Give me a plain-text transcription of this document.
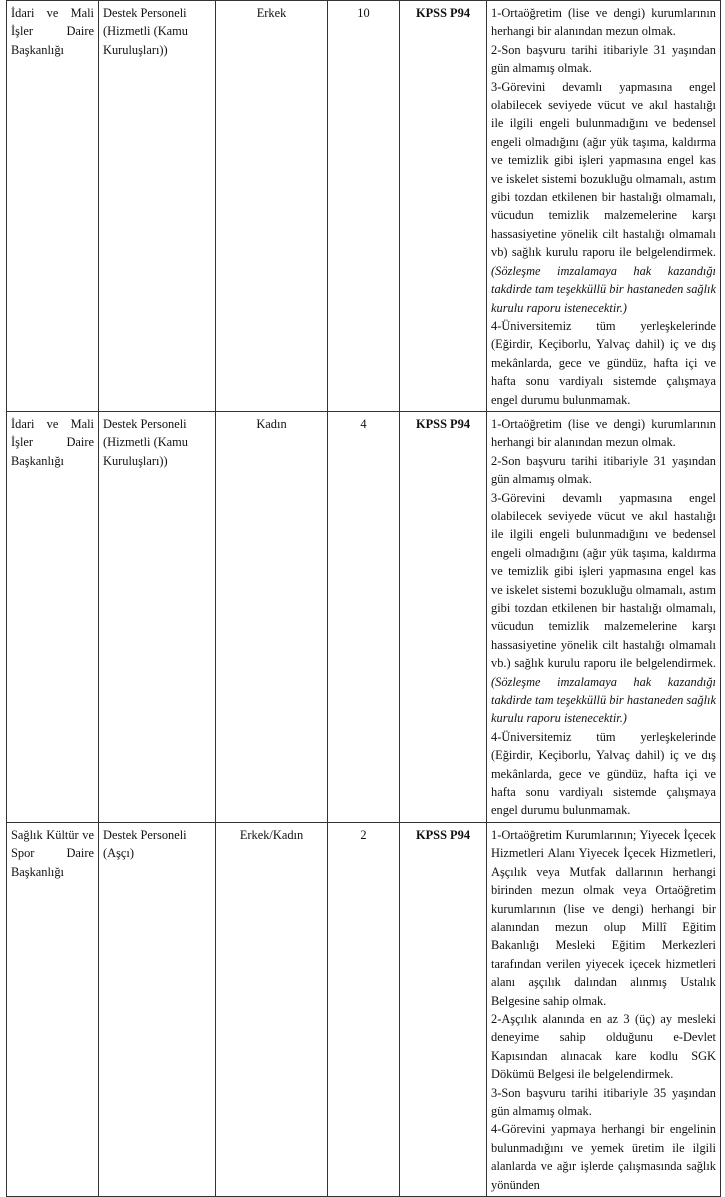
İdari ve Mali İşler Daire Başkanlığı	Destek Personeli (Hizmetli (Kamu Kuruluşları))	Erkek	10	KPSS P94	1-Ortaöğretim (lise ve dengi) kurumlarının herhangi bir alanından mezun olmak.

2-Son başvuru tarihi itibariyle 31 yaşından gün almamış olmak.

3-Görevini devamlı yapmasına engel olabilecek seviyede vücut ve akıl hastalığı ile ilgili engeli bulunmadığını ve bedensel engeli olmadığını (ağır yük taşıma, kaldırma ve temizlik gibi işleri yapmasına engel kas ve iskelet sistemi bozukluğu olmamalı, astım gibi tozdan etkilenen bir hastalığı olmamalı, vücudun temizlik malzemelerine karşı hassasiyetine yönelik cilt hastalığı olmamalı vb) sağlık kurulu raporu ile belgelendirmek. (Sözleşme imzalamaya hak kazandığı takdirde tam teşekküllü bir hastaneden sağlık kurulu raporu istenecektir.)

4-Üniversitemiz tüm yerleşkelerinde (Eğirdir, Keçiborlu, Yalvaç dahil) iç ve dış mekânlarda, gece ve gündüz, hafta içi ve hafta sonu vardiyalı sistemde çalışmaya engel durumu bulunmamak.

İdari ve Mali İşler Daire Başkanlığı	Destek Personeli (Hizmetli (Kamu Kuruluşları))	Kadın	4	KPSS P94	1-Ortaöğretim (lise ve dengi) kurumlarının herhangi bir alanından mezun olmak.

2-Son başvuru tarihi itibariyle 31 yaşından gün almamış olmak.

3-Görevini devamlı yapmasına engel olabilecek seviyede vücut ve akıl hastalığı ile ilgili engeli bulunmadığını ve bedensel engeli olmadığını (ağır yük taşıma, kaldırma ve temizlik gibi işleri yapmasına engel kas ve iskelet sistemi bozukluğu olmamalı, astım gibi tozdan etkilenen bir hastalığı olmamalı, vücudun temizlik malzemelerine karşı hassasiyetine yönelik cilt hastalığı olmamalı vb.) sağlık kurulu raporu ile belgelendirmek. (Sözleşme imzalamaya hak kazandığı takdirde tam teşekküllü bir hastaneden sağlık kurulu raporu istenecektir.)

4-Üniversitemiz tüm yerleşkelerinde (Eğirdir, Keçiborlu, Yalvaç dahil) iç ve dış mekânlarda, gece ve gündüz, hafta içi ve hafta sonu vardiyalı sistemde çalışmaya engel durumu bulunmamak.

Sağlık Kültür ve Spor Daire Başkanlığı	Destek Personeli (Aşçı)	Erkek/Kadın	2	KPSS P94	1-Ortaöğretim Kurumlarının; Yiyecek İçecek Hizmetleri Alanı Yiyecek İçecek Hizmetleri, Aşçılık veya Mutfak dallarının herhangi birinden mezun olmak veya Ortaöğretim kurumlarının (lise ve dengi) herhangi bir alanından mezun olup Millî Eğitim Bakanlığı Mesleki Eğitim Merkezleri tarafından verilen yiyecek içecek hizmetleri alanı aşçılık dalından alınmış Ustalık Belgesine sahip olmak.

2-Aşçılık alanında en az 3 (üç) ay mesleki deneyime sahip olduğunu e-Devlet Kapısından alınacak kare kodlu SGK Dökümü Belgesi ile belgelendirmek.

3-Son başvuru tarihi itibariyle 35 yaşından gün almamış olmak.

4-Görevini yapmaya herhangi bir engelinin bulunmadığını ve yemek üretim ile ilgili alanlarda ve ağır işlerde çalışmasında sağlık yönünden
